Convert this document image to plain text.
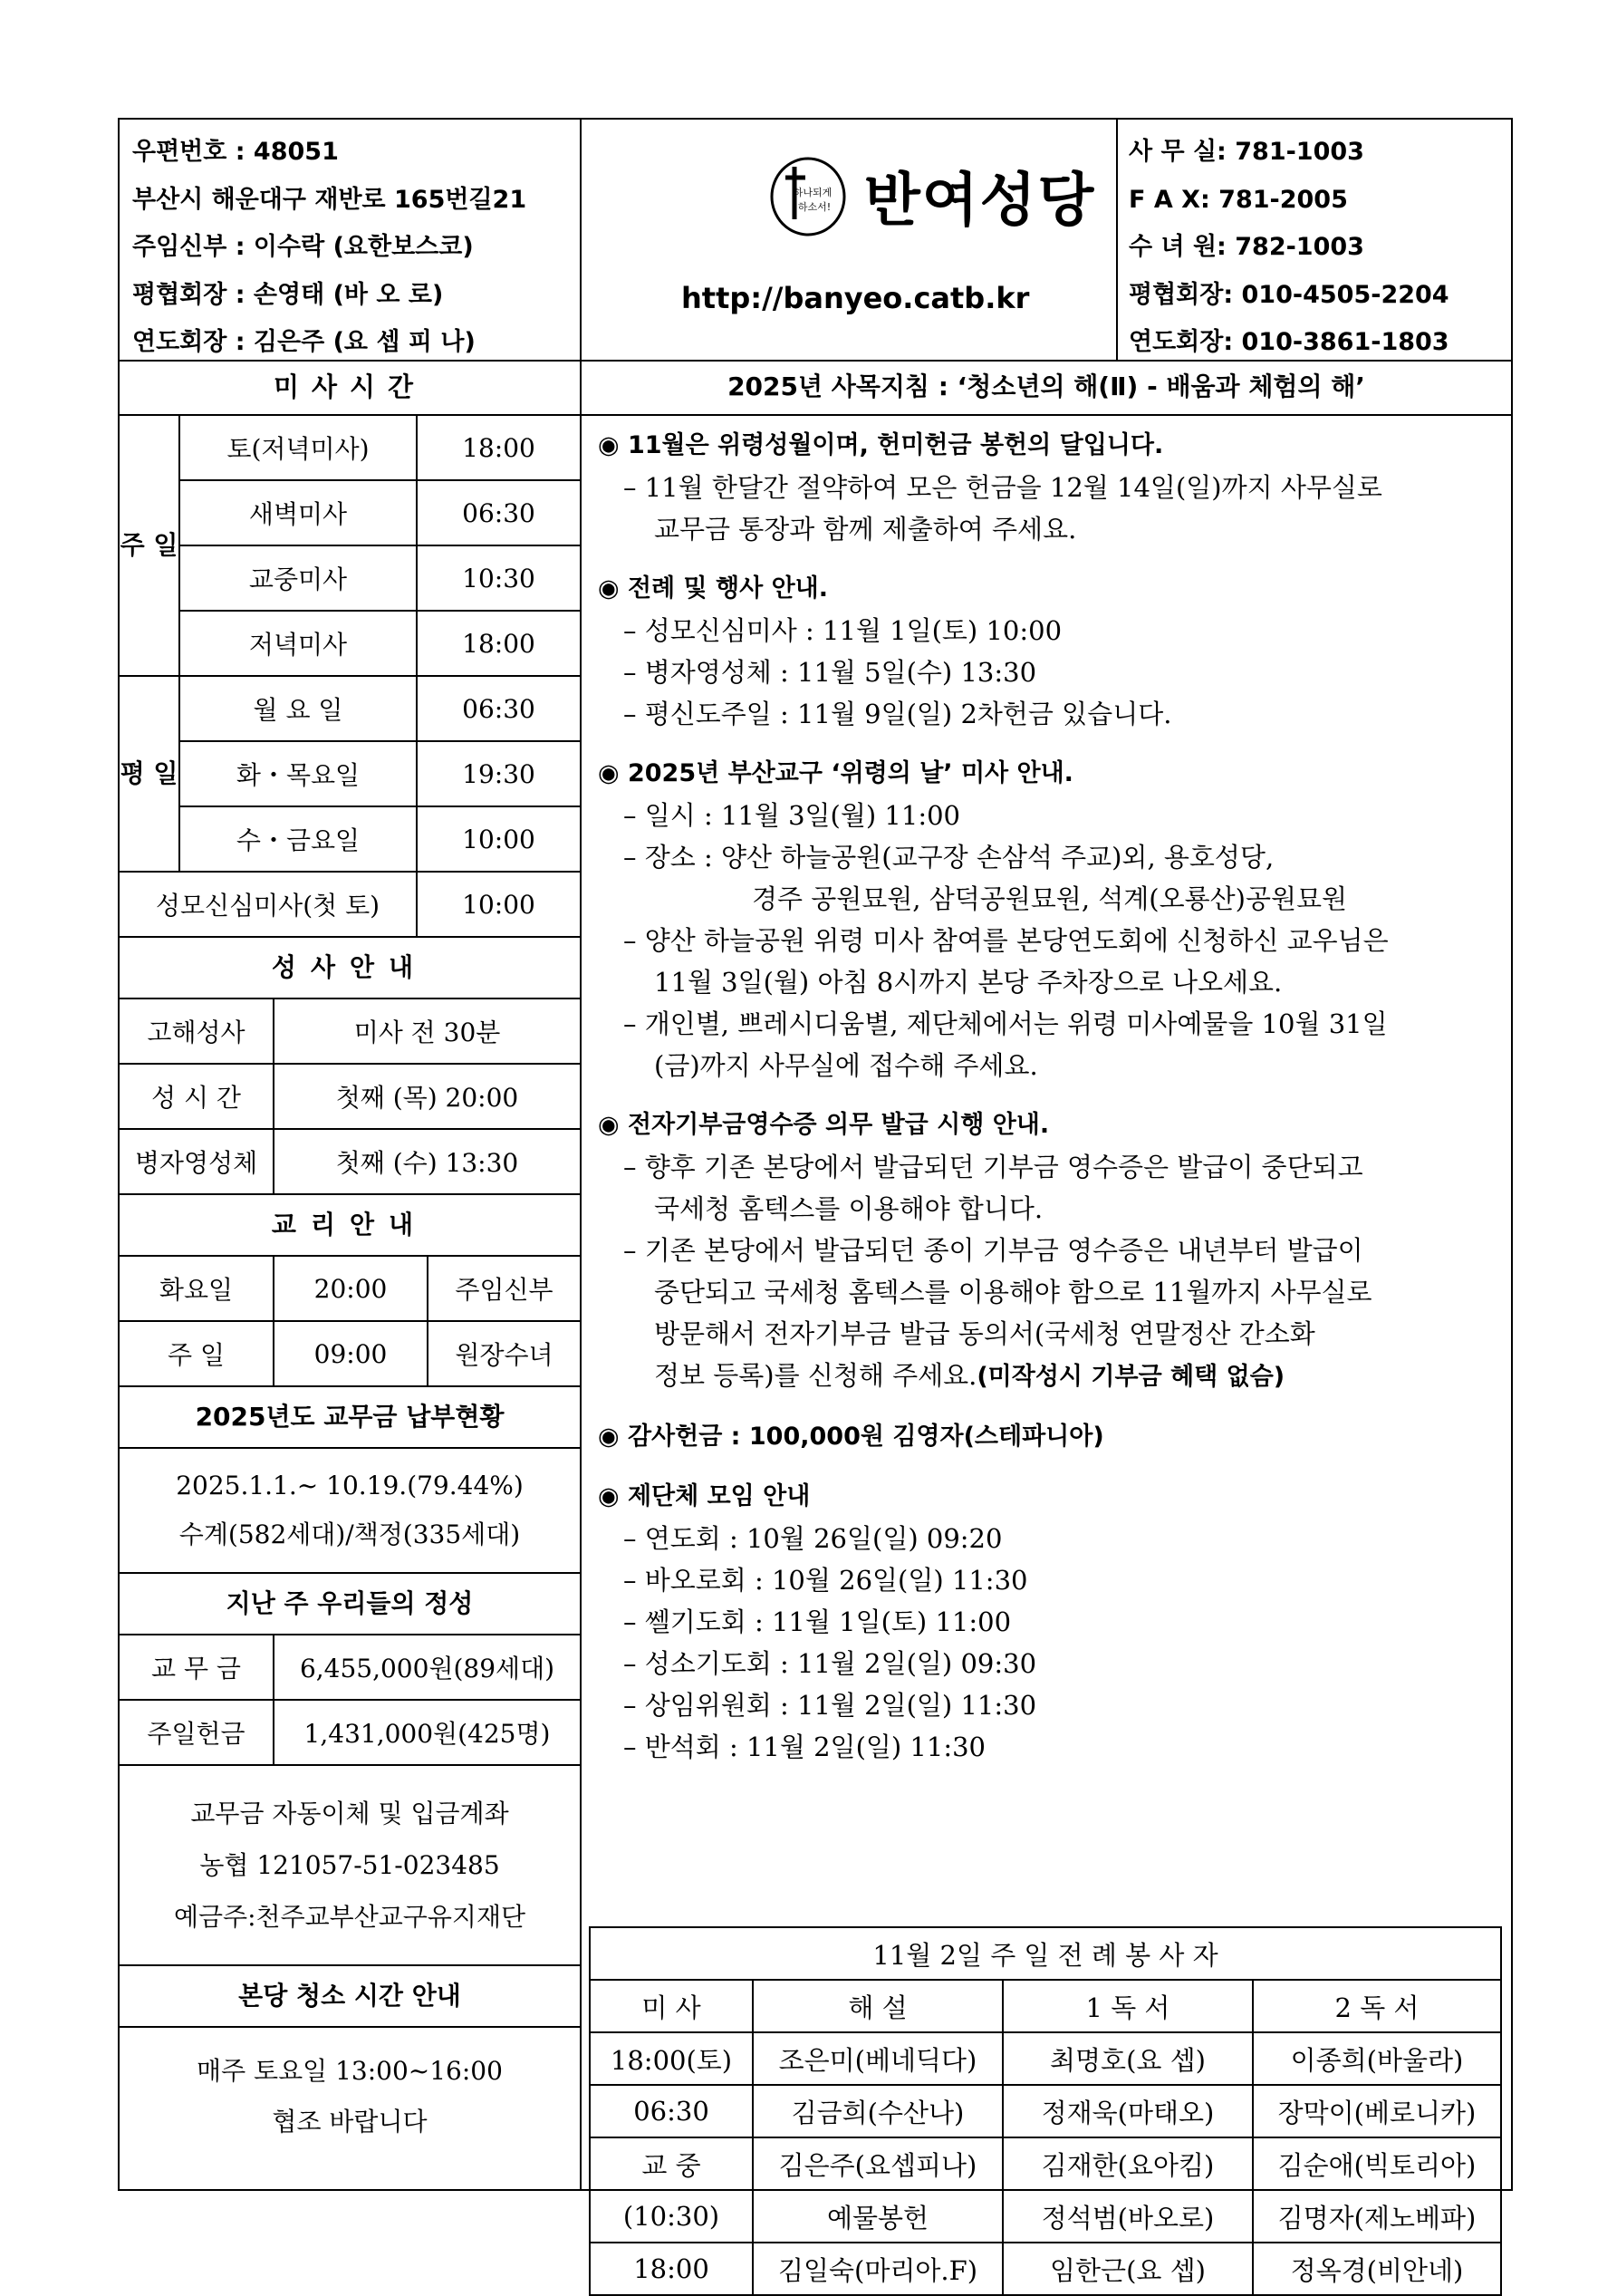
우편번호 : 48051
부산시 해운대구 재반로 165번길21
주임신부 : 이수락 (요한보스코)
평협회장 : 손영태 (바 오 로)
연도회장 : 김은주 (요 셉 피 나)
하나되게
하소서! 반여성당
http://banyeo.catb.kr
사 무 실: 781-1003
F A X: 781-2005
수 녀 원: 782-1003
평협회장: 010-4505-2204
연도회장: 010-3861-1803
미사시간	2025년 사목지침 : ‘청소년의 해(Ⅱ) - 배움과 체험의 해’
주 일	토(저녁미사)	18:00
	새벽미사	06:30
	교중미사	10:30
	저녁미사	18:00
평 일	월 요 일	06:30
	화・목요일	19:30
	수・금요일	10:00
성모신심미사(첫 토)		10:00
성사안내
고해성사	미사 전 30분
성 시 간	첫째 (목) 20:00
병자영성체	첫째 (수) 13:30
교리안내
화요일	20:00	주임신부
주 일	09:00	원장수녀
2025년도 교무금 납부현황
2025.1.1.~ 10.19.(79.44%)
수계(582세대)/책정(335세대)
지난 주 우리들의 정성
교 무 금	6,455,000원(89세대)
주일헌금	1,431,000원(425명)
교무금 자동이체 및 입금계좌
농협 121057-51-023485
예금주:천주교부산교구유지재단
본당 청소 시간 안내
매주 토요일 13:00~16:00
협조 바랍니다
◉ 11월은 위령성월이며, 헌미헌금 봉헌의 달입니다.
– 11월 한달간 절약하여 모은 헌금을 12월 14일(일)까지 사무실로
교무금 통장과 함께 제출하여 주세요.
◉ 전례 및 행사 안내.
– 성모신심미사 : 11월 1일(토) 10:00
– 병자영성체 : 11월 5일(수) 13:30
– 평신도주일 : 11월 9일(일) 2차헌금 있습니다.
◉ 2025년 부산교구 ‘위령의 날’ 미사 안내.
– 일시 : 11월 3일(월) 11:00
– 장소 : 양산 하늘공원(교구장 손삼석 주교)외, 용호성당,
경주 공원묘원, 삼덕공원묘원, 석계(오룡산)공원묘원
– 양산 하늘공원 위령 미사 참여를 본당연도회에 신청하신 교우님은
11월 3일(월) 아침 8시까지 본당 주차장으로 나오세요.
– 개인별, 쁘레시디움별, 제단체에서는 위령 미사예물을 10월 31일
(금)까지 사무실에 접수해 주세요.
◉ 전자기부금영수증 의무 발급 시행 안내.
– 향후 기존 본당에서 발급되던 기부금 영수증은 발급이 중단되고
국세청 홈텍스를 이용해야 합니다.
– 기존 본당에서 발급되던 종이 기부금 영수증은 내년부터 발급이
중단되고 국세청 홈텍스를 이용해야 함으로 11월까지 사무실로
방문해서 전자기부금 발급 동의서(국세청 연말정산 간소화
정보 등록)를 신청해 주세요.(미작성시 기부금 혜택 없슴)
◉ 감사헌금 : 100,000원 김영자(스테파니아)
◉ 제단체 모임 안내
– 연도회 : 10월 26일(일) 09:20
– 바오로회 : 10월 26일(일) 11:30
– 쎌기도회 : 11월 1일(토) 11:00
– 성소기도회 : 11월 2일(일) 09:30
– 상임위원회 : 11월 2일(일) 11:30
– 반석회 : 11월 2일(일) 11:30
11월 2일 주 일 전 례 봉 사 자			
미 사	해 설	1 독 서	2 독 서
18:00(토)	조은미(베네딕다)	최명호(요 셉)	이종희(바울라)
06:30	김금희(수산나)	정재욱(마태오)	장막이(베로니카)
교 중	김은주(요셉피나)	김재한(요아킴)	김순애(빅토리아)
(10:30)	예물봉헌	정석범(바오로)	김명자(제노베파)
18:00	김일숙(마리아.F)	임한근(요 셉)	정옥경(비안네)
